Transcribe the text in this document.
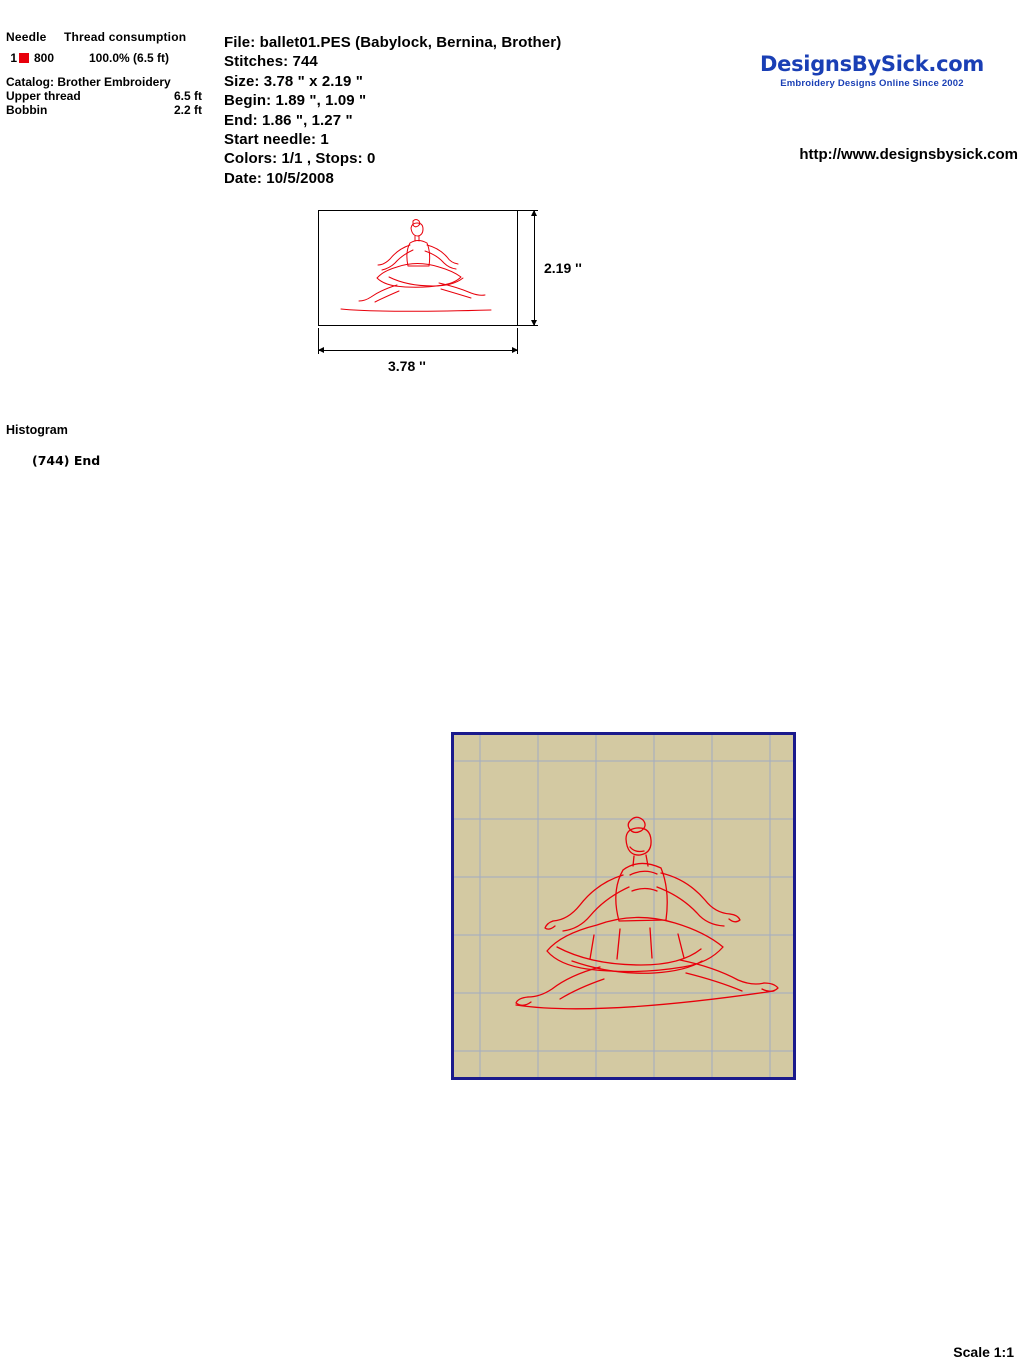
Needle	Thread consumption
1 800	100.0% (6.5 ft)
Catalog: Brother Embroidery
Upper thread	6.5 ft
Bobbin	2.2 ft
File: ballet01.PES (Babylock, Bernina, Brother)
Stitches: 744
Size: 3.78 " x 2.19 "
Begin: 1.89 ", 1.09 "
End: 1.86 ", 1.27 "
Start needle: 1
Colors: 1/1 , Stops: 0
Date: 10/5/2008
DesignsBySick.com
Embroidery Designs Online Since 2002
http://www.designsbysick.com
2.19 ''
3.78 ''
Histogram
(744) End
Scale 1:1
